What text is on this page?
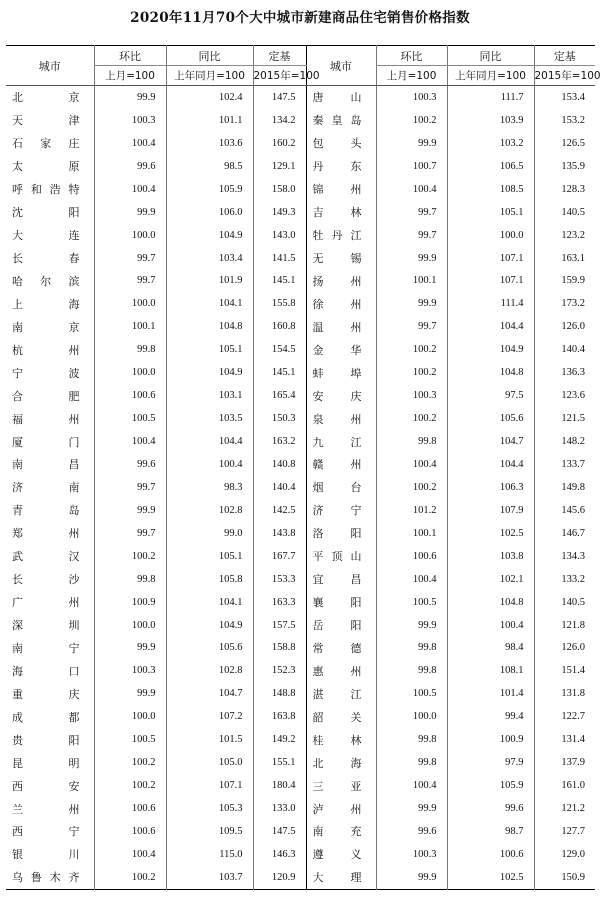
2020年11月70个大中城市新建商品住宅销售价格指数
城市	环比	同比	定基	城市	环比	同比	定基
	上月=100	上年同月=100	2015年=100		上月=100	上年同月=100	2015年=100
北　京	99.9	102.4	147.5	唐　山	100.3	111.7	153.4
天　津	100.3	101.1	134.2	秦皇岛	100.2	103.9	153.2
石家庄	100.4	103.6	160.2	包　头	99.9	103.2	126.5
太　原	99.6	98.5	129.1	丹　东	100.7	106.5	135.9
呼和浩特	100.4	105.9	158.0	锦　州	100.4	108.5	128.3
沈　阳	99.9	106.0	149.3	吉　林	99.7	105.1	140.5
大　连	100.0	104.9	143.0	牡丹江	99.7	100.0	123.2
长　春	99.7	103.4	141.5	无　锡	99.9	107.1	163.1
哈尔滨	99.7	101.9	145.1	扬　州	100.1	107.1	159.9
上　海	100.0	104.1	155.8	徐　州	99.9	111.4	173.2
南　京	100.1	104.8	160.8	温　州	99.7	104.4	126.0
杭　州	99.8	105.1	154.5	金　华	100.2	104.9	140.4
宁　波	100.0	104.9	145.1	蚌　埠	100.2	104.8	136.3
合　肥	100.6	103.1	165.4	安　庆	100.3	97.5	123.6
福　州	100.5	103.5	150.3	泉　州	100.2	105.6	121.5
厦　门	100.4	104.4	163.2	九　江	99.8	104.7	148.2
南　昌	99.6	100.4	140.8	赣　州	100.4	104.4	133.7
济　南	99.7	98.3	140.4	烟　台	100.2	106.3	149.8
青　岛	99.9	102.8	142.5	济　宁	101.2	107.9	145.6
郑　州	99.7	99.0	143.8	洛　阳	100.1	102.5	146.7
武　汉	100.2	105.1	167.7	平顶山	100.6	103.8	134.3
长　沙	99.8	105.8	153.3	宜　昌	100.4	102.1	133.2
广　州	100.9	104.1	163.3	襄　阳	100.5	104.8	140.5
深　圳	100.0	104.9	157.5	岳　阳	99.9	100.4	121.8
南　宁	99.9	105.6	158.8	常　德	99.8	98.4	126.0
海　口	100.3	102.8	152.3	惠　州	99.8	108.1	151.4
重　庆	99.9	104.7	148.8	湛　江	100.5	101.4	131.8
成　都	100.0	107.2	163.8	韶　关	100.0	99.4	122.7
贵　阳	100.5	101.5	149.2	桂　林	99.8	100.9	131.4
昆　明	100.2	105.0	155.1	北　海	99.8	97.9	137.9
西　安	100.2	107.1	180.4	三　亚	100.4	105.9	161.0
兰　州	100.6	105.3	133.0	泸　州	99.9	99.6	121.2
西　宁	100.6	109.5	147.5	南　充	99.6	98.7	127.7
银　川	100.4	115.0	146.3	遵　义	100.3	100.6	129.0
乌鲁木齐	100.2	103.7	120.9	大　理	99.9	102.5	150.9
